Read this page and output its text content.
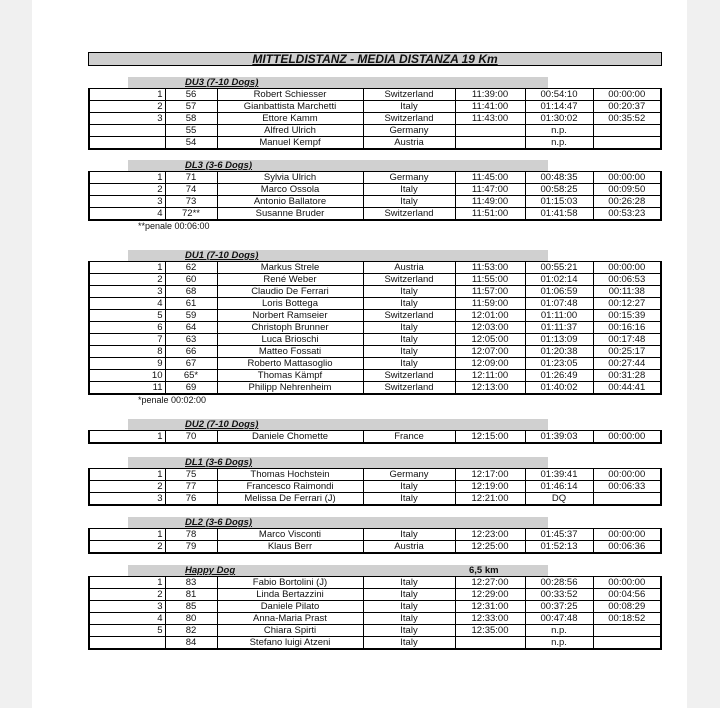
MITTELDISTANZ - MEDIA DISTANZA 19 Km
DU3 (7-10 Dogs)
1	56	Robert Schiesser	Switzerland	11:39:00	00:54:10	00:00:00
2	57	Gianbattista Marchetti	Italy	11:41:00	01:14:47	00:20:37
3	58	Ettore Kamm	Switzerland	11:43:00	01:30:02	00:35:52
	55	Alfred Ulrich	Germany		n.p.	
	54	Manuel Kempf	Austria		n.p.	
DL3 (3-6 Dogs)
1	71	Sylvia Ulrich	Germany	11:45:00	00:48:35	00:00:00
2	74	Marco Ossola	Italy	11:47:00	00:58:25	00:09:50
3	73	Antonio Ballatore	Italy	11:49:00	01:15:03	00:26:28
4	72**	Susanne Bruder	Switzerland	11:51:00	01:41:58	00:53:23
**penale 00:06:00
DU1 (7-10 Dogs)
1	62	Markus Strele	Austria	11:53:00	00:55:21	00:00:00
2	60	René Weber	Switzerland	11:55:00	01:02:14	00:06:53
3	68	Claudio De Ferrari	Italy	11:57:00	01:06:59	00:11:38
4	61	Loris Bottega	Italy	11:59:00	01:07:48	00:12:27
5	59	Norbert Ramseier	Switzerland	12:01:00	01:11:00	00:15:39
6	64	Christoph Brunner	Italy	12:03:00	01:11:37	00:16:16
7	63	Luca Brioschi	Italy	12:05:00	01:13:09	00:17:48
8	66	Matteo Fossati	Italy	12:07:00	01:20:38	00:25:17
9	67	Roberto Mattasoglio	Italy	12:09:00	01:23:05	00:27:44
10	65*	Thomas Kämpf	Switzerland	12:11:00	01:26:49	00:31:28
11	69	Philipp Nehrenheim	Switzerland	12:13:00	01:40:02	00:44:41
*penale 00:02:00
DU2 (7-10 Dogs)
1	70	Daniele Chomette	France	12:15:00	01:39:03	00:00:00
DL1 (3-6 Dogs)
1	75	Thomas Hochstein	Germany	12:17:00	01:39:41	00:00:00
2	77	Francesco Raimondi	Italy	12:19:00	01:46:14	00:06:33
3	76	Melissa De Ferrari (J)	Italy	12:21:00	DQ	
DL2 (3-6 Dogs)
1	78	Marco Visconti	Italy	12:23:00	01:45:37	00:00:00
2	79	Klaus Berr	Austria	12:25:00	01:52:13	00:06:36
Happy Dog	6,5 km
1	83	Fabio Bortolini (J)	Italy	12:27:00	00:28:56	00:00:00
2	81	Linda Bertazzini	Italy	12:29:00	00:33:52	00:04:56
3	85	Daniele Pilato	Italy	12:31:00	00:37:25	00:08:29
4	80	Anna-Maria Prast	Italy	12:33:00	00:47:48	00:18:52
5	82	Chiara Spirti	Italy	12:35:00	n.p.	
	84	Stefano luigi Atzeni	Italy		n.p.	
